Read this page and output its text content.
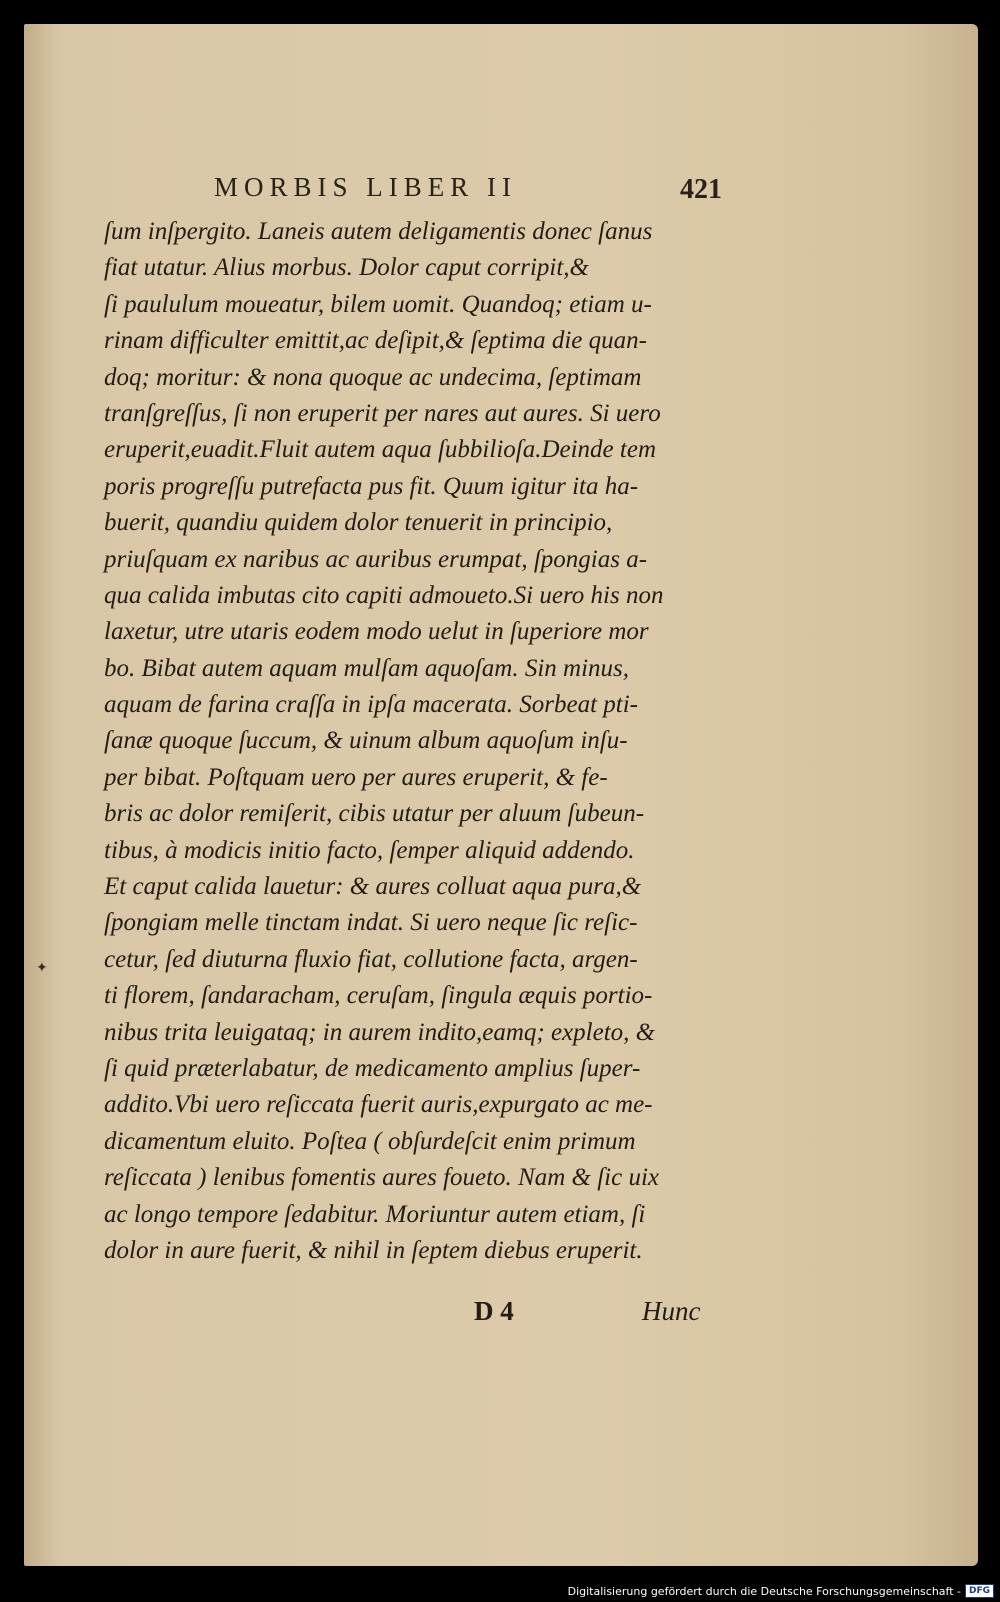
MORBIS LIBER II	421
ſum inſpergito. Laneis autem deligamentis donec ſanus
fiat utatur. Alius morbus. Dolor caput corripit,&
ſi paululum moueatur, bilem uomit. Quandoq; etiam u-
rinam difficulter emittit,ac deſipit,& ſeptima die quan-
doq; moritur: & nona quoque ac undecima, ſeptimam
tranſgreſſus, ſi non eruperit per nares aut aures. Si uero
eruperit,euadit.Fluit autem aqua ſubbilioſa.Deinde tem
poris progreſſu putrefacta pus fit. Quum igitur ita ha-
buerit, quandiu quidem dolor tenuerit in principio,
priuſquam ex naribus ac auribus erumpat, ſpongias a-
qua calida imbutas cito capiti admoueto.Si uero his non
laxetur, utre utaris eodem modo uelut in ſuperiore mor
bo. Bibat autem aquam mulſam aquoſam. Sin minus,
aquam de farina craſſa in ipſa macerata. Sorbeat pti-
ſanæ quoque ſuccum, & uinum album aquoſum inſu-
per bibat. Poſtquam uero per aures eruperit, & fe-
bris ac dolor remiſerit, cibis utatur per aluum ſubeun-
tibus, à modicis initio facto, ſemper aliquid addendo.
Et caput calida lauetur: & aures colluat aqua pura,&
ſpongiam melle tinctam indat. Si uero neque ſic reſic-
cetur, ſed diuturna fluxio fiat, collutione facta, argen-
ti florem, ſandaracham, ceruſam, ſingula æquis portio-
nibus trita leuigataq; in aurem indito,eamq; expleto, &
ſi quid præterlabatur, de medicamento amplius ſuper-
addito.Vbi uero reſiccata fuerit auris,expurgato ac me-
dicamentum eluito. Poſtea ( obſurdeſcit enim primum
reſiccata ) lenibus fomentis aures foueto. Nam & ſic uix
ac longo tempore ſedabitur. Moriuntur autem etiam, ſi
dolor in aure fuerit, & nihil in ſeptem diebus eruperit.
D 4	Hunc
✦
Digitalisierung gefördert durch die Deutsche Forschungsgemeinschaft - DFG
